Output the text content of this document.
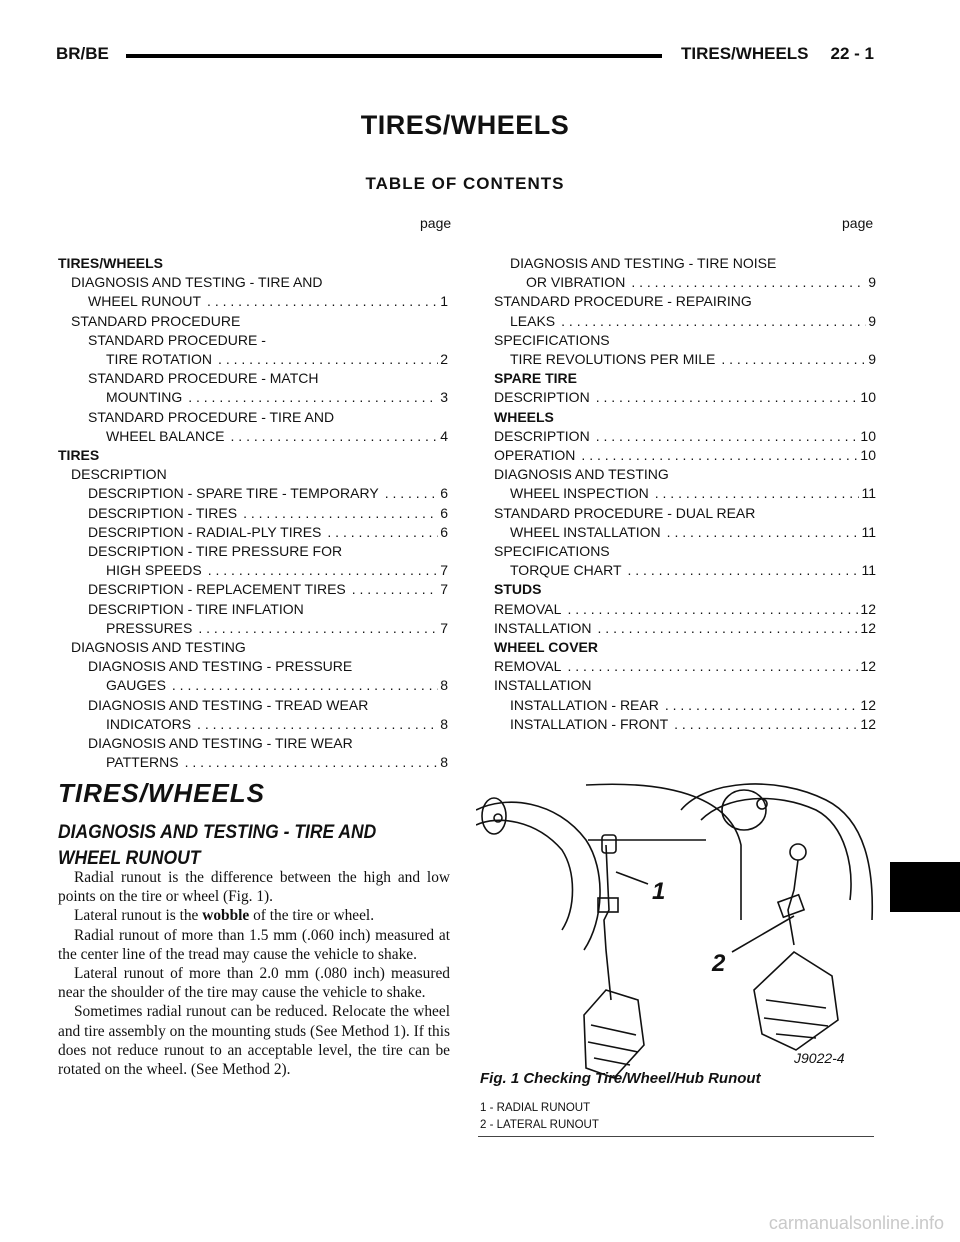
BR/BE	TIRES/WHEELS 22 - 1
TIRES/WHEELS
TABLE OF CONTENTS
page	page
TIRES/WHEELS
DIAGNOSIS AND TESTING - TIRE AND
WHEEL RUNOUT . . .	1
STANDARD PROCEDURE
STANDARD PROCEDURE -
TIRE ROTATION . . .	2
STANDARD PROCEDURE - MATCH
MOUNTING . . .	3
STANDARD PROCEDURE - TIRE AND
WHEEL BALANCE . . .	4
TIRES
DESCRIPTION
DESCRIPTION - SPARE TIRE - TEMPORARY . . .	6
DESCRIPTION - TIRES . . .	6
DESCRIPTION - RADIAL-PLY TIRES . . .	6
DESCRIPTION - TIRE PRESSURE FOR
HIGH SPEEDS . . .	7
DESCRIPTION - REPLACEMENT TIRES . . .	7
DESCRIPTION - TIRE INFLATION
PRESSURES . . .	7
DIAGNOSIS AND TESTING
DIAGNOSIS AND TESTING - PRESSURE
GAUGES . . .	8
DIAGNOSIS AND TESTING - TREAD WEAR
INDICATORS . . .	8
DIAGNOSIS AND TESTING - TIRE WEAR
PATTERNS . . .	8
DIAGNOSIS AND TESTING - TIRE NOISE
OR VIBRATION . . .	9
STANDARD PROCEDURE - REPAIRING
LEAKS . . .	9
SPECIFICATIONS
TIRE REVOLUTIONS PER MILE . . .	9
SPARE TIRE
DESCRIPTION . . .	10
WHEELS
DESCRIPTION . . .	10
OPERATION . . .	10
DIAGNOSIS AND TESTING
WHEEL INSPECTION . . .	11
STANDARD PROCEDURE - DUAL REAR
WHEEL INSTALLATION . . .	11
SPECIFICATIONS
TORQUE CHART . . .	11
STUDS
REMOVAL . . .	12
INSTALLATION . . .	12
WHEEL COVER
REMOVAL . . .	12
INSTALLATION
INSTALLATION - REAR . . .	12
INSTALLATION - FRONT . . .	12
TIRES/WHEELS
DIAGNOSIS AND TESTING - TIRE AND WHEEL RUNOUT

Radial runout is the difference between the high and low points on the tire or wheel (Fig. 1).

Lateral runout is the wobble of the tire or wheel.

Radial runout of more than 1.5 mm (.060 inch) measured at the center line of the tread may cause the vehicle to shake.

Lateral runout of more than 2.0 mm (.080 inch) measured near the shoulder of the tire may cause the vehicle to shake.

Sometimes radial runout can be reduced. Relocate the wheel and tire assembly on the mounting studs (See Method 1). If this does not reduce runout to an acceptable level, the tire can be rotated on the wheel. (See Method 2).

1
2
J9022-4
Fig. 1 Checking Tire/Wheel/Hub Runout
1 - RADIAL RUNOUT
2 - LATERAL RUNOUT
carmanualsonline.info
